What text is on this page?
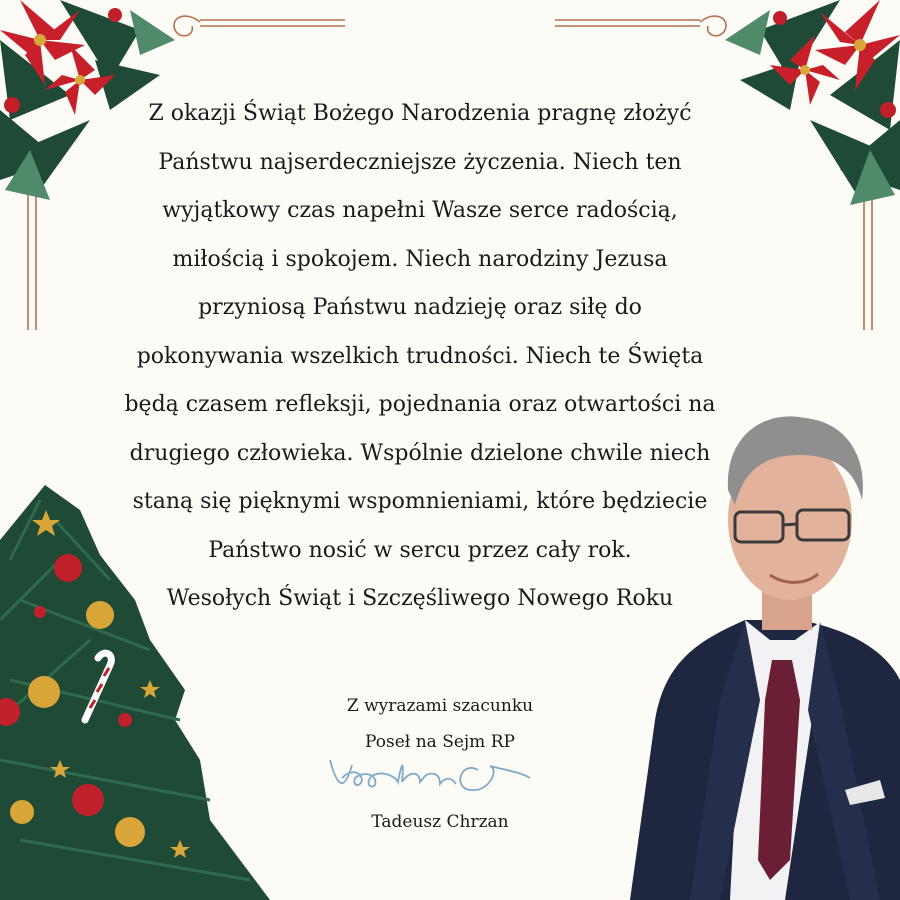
Z okazji Świąt Bożego Narodzenia pragnę złożyć
Państwu najserdeczniejsze życzenia. Niech ten
wyjątkowy czas napełni Wasze serce radością,
miłością i spokojem. Niech narodziny Jezusa
przyniosą Państwu nadzieję oraz siłę do
pokonywania wszelkich trudności. Niech te Święta
będą czasem refleksji, pojednania oraz otwartości na
drugiego człowieka. Wspólnie dzielone chwile niech
staną się pięknymi wspomnieniami, które będziecie
Państwo nosić w sercu przez cały rok.
Wesołych Świąt i Szczęśliwego Nowego Roku
Z wyrazami szacunku
Poseł na Sejm RP
Tadeusz Chrzan
